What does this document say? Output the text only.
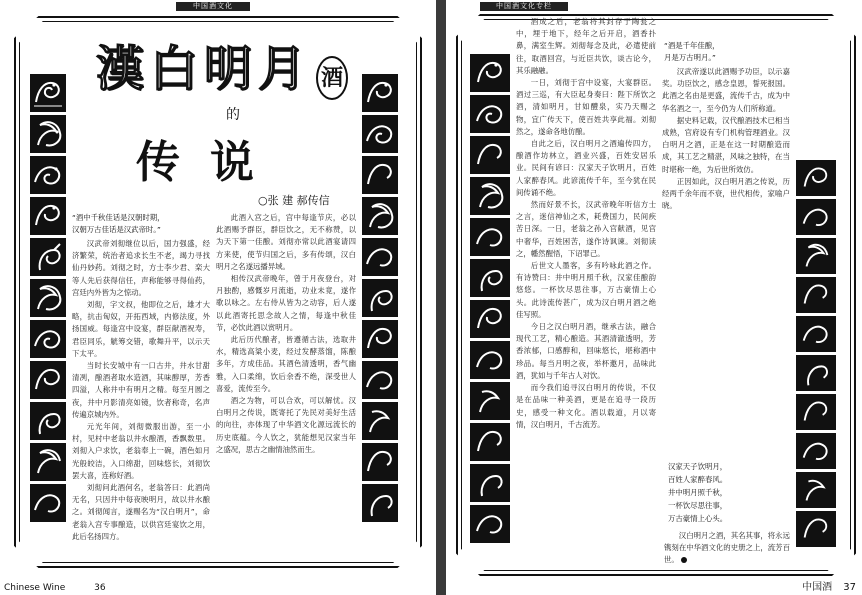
中国酒文化
漢白明月 酒
的
传说
○张 建 郝传信
“酒中千秋佳话是汉朝时期，
汉朝万古佳话是汉武帝时。”

汉武帝刘彻继位以后，国力强盛，经济繁荣，统治者追求长生不老，竭力寻找仙丹妙药。刘彻之时，方士李少君、栾大等人先后获得信任，声称能够寻得仙药，宫廷内外皆为之惊动。

刘彻，字文叔，他即位之后，雄才大略，抗击匈奴，开拓西域，内修法度，外扬国威。每逢宫中设宴，群臣献酒祝寿，君臣同乐，觥筹交错，歌舞升平，以示天下太平。

当时长安城中有一口古井，井水甘甜清冽，酿酒者取水造酒，其味醇厚，芳香四溢，人称井中有明月之精。每至月圆之夜，井中月影清亮如镜，饮者称奇，名声传遍京城内外。

元光年间，刘彻微服出游，至一小村，见村中老翁以井水酿酒，香飘数里。刘彻入户求饮，老翁奉上一碗，酒色如月光般皎洁，入口绵甜，回味悠长，刘彻饮罢大喜，连称好酒。

刘彻问此酒何名，老翁答曰：此酒尚无名，只因井中每夜映明月，故以井水酿之。刘彻闻言，遂赐名为“汉白明月”，命老翁入宫专事酿造，以供宫廷宴饮之用，此后名扬四方。

此酒入宫之后，宫中每逢节庆，必以此酒赐予群臣，群臣饮之，无不称赞，以为天下第一佳酿。刘彻亦常以此酒宴请四方来使，使节归国之后，多有传颂，汉白明月之名遂远播异域。

相传汉武帝晚年，曾于月夜登台，对月独酌，感慨岁月流逝，功业未竟，遂作歌以咏之。左右侍从皆为之动容，后人遂以此酒寄托思念故人之情，每逢中秋佳节，必饮此酒以赏明月。

此后历代酿者，皆遵循古法，选取井水，精选高粱小麦，经过发酵蒸馏，陈酿多年，方成佳品。其酒色清透明，香气幽雅，入口柔绵，饮后余香不绝，深受世人喜爱，流传至今。

酒之为物，可以合欢，可以解忧。汉白明月之传说，既寄托了先民对美好生活的向往，亦体现了中华酒文化源远流长的历史底蕴。今人饮之，犹能想见汉家当年之盛况，思古之幽情油然而生。

Chinese Wine	36
中国酒文化专栏

酒成之后，老翁将其封存于陶瓮之中，埋于地下，经年之后开启，酒香扑鼻，满室生辉。刘彻每念及此，必遣使前往，取酒回宫，与近臣共饮，谈古论今，其乐融融。

一日，刘彻于宫中设宴，大宴群臣。酒过三巡，有大臣起身奏曰：陛下所饮之酒，清如明月，甘如醴泉，实乃天赐之物，宜广传天下，使百姓共享此福。刘彻然之，遂命各地仿酿。

自此之后，汉白明月之酒遍传四方，酿酒作坊林立，酒业兴盛，百姓安居乐业。民间有谚曰：汉家天子饮明月，百姓人家醉春风。此谚流传千年，至今犹在民间传诵不绝。

然而好景不长，汉武帝晚年听信方士之言，迷信神仙之术，耗费国力，民间疾苦日深。一日，老翁之孙入宫献酒，见宫中奢华，百姓困苦，遂作诗讽谏。刘彻读之，幡然醒悟，下诏罪己。

后世文人墨客，多有吟咏此酒之作。有诗赞曰：井中明月照千秋，汉家佳酿韵悠悠。一杯饮尽思往事，万古豪情上心头。此诗流传甚广，成为汉白明月酒之绝佳写照。

今日之汉白明月酒，继承古法，融合现代工艺，精心酿造。其酒清澈透明，芳香浓郁，口感醇和，回味悠长，堪称酒中珍品。每当月明之夜，举杯邀月，品味此酒，犹如与千年古人对饮。

而今我们追寻汉白明月的传说，不仅是在品味一种美酒，更是在追寻一段历史，感受一种文化。酒以载道，月以寄情，汉白明月，千古流芳。

“酒是千年佳酿，
月是万古明月。”

汉武帝遂以此酒赐予功臣，以示嘉奖。功臣饮之，感念皇恩，誓死报国。此酒之名由是更盛，流传千古，成为中华名酒之一，至今仍为人们所称道。

据史料记载，汉代酿酒技术已相当成熟，官府设有专门机构管理酒业。汉白明月之酒，正是在这一时期酿造而成，其工艺之精湛，风味之独特，在当时堪称一绝，为后世所效仿。

正因如此，汉白明月酒之传说，历经两千余年而不衰，世代相传，家喻户晓。

汉家天子饮明月，
百姓人家醉春风。
井中明月照千秋，
一杯饮尽思往事，
万古豪情上心头。

汉白明月之酒，其名其事，将永远镌刻在中华酒文化的史册之上，流芳百世。

中国酒 37
